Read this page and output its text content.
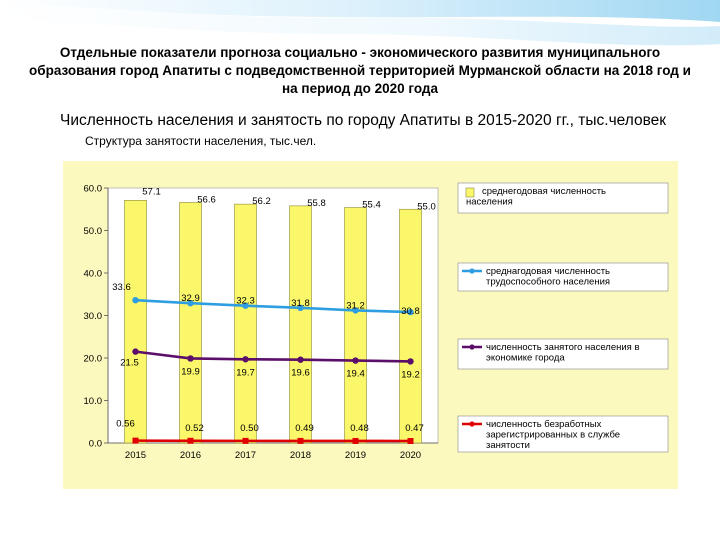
Отдельные показатели прогноза социально - экономического развития муниципального образования город Апатиты с подведомственной территорией Мурманской области на 2018 год и на период до 2020 года
Численность населения и занятость по городу Апатиты в 2015-2020 гг., тыс.человек
Структура занятости населения, тыс.чел.
0.0
10.0
20.0
30.0
40.0
50.0
60.0	57.1
56.6	56.2	55.8	55.4	55.0
2015	2016	2017	2018	2019	2020
33.6
32.9	32.3	31.8	31.2
30.8
21.5
19.9	19.7	19.6	19.4	19.2
0.56	0.52	0.50	0.49	0.48	0.47
среднегодовая численность населения
среднагодовая численность трудоспособного населения
численность занятого населения в экономике города
численность безработных зарегистрированных в службе занятости
